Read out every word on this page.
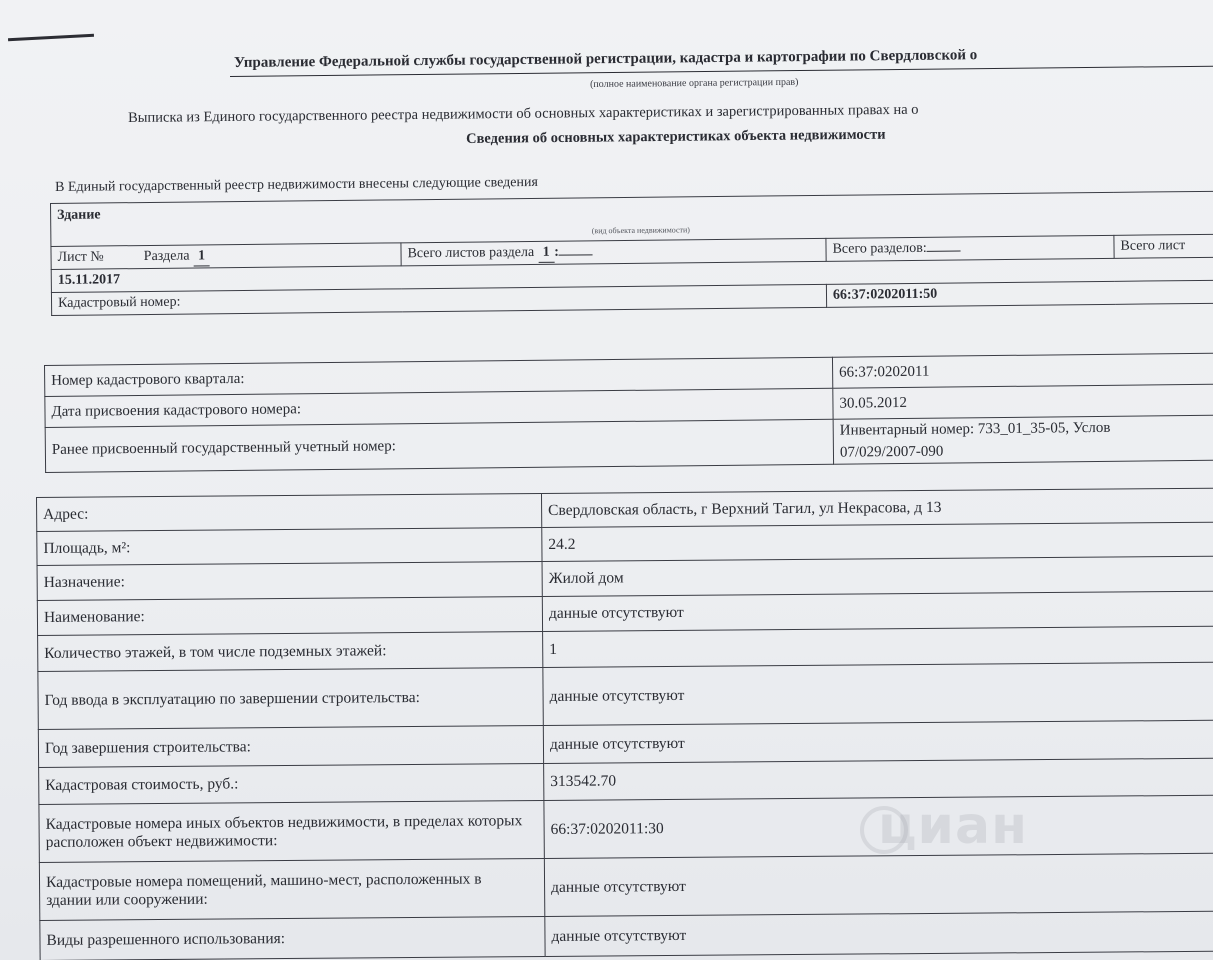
Управление Федеральной службы государственной регистрации, кадастра и картографии по Свердловской о
(полное наименование органа регистрации прав)
Выписка из Единого государственного реестра недвижимости об основных характеристиках и зарегистрированных правах на о
Сведения об основных характеристиках объекта недвижимости
В Единый государственный реестр недвижимости внесены следующие сведения
Здание			
(вид объекта недвижимости)			
Лист № Раздела 1	Всего листов раздела 1 :	Всего разделов:	Всего лист
15.11.2017			
Кадастровый номер:		66:37:0202011:50	
Номер кадастрового квартала:	66:37:0202011
Дата присвоения кадастрового номера:	30.05.2012
Ранее присвоенный государственный учетный номер:	Инвентарный номер: 733_01_35-05, Услов
07/029/2007-090
Адрес:	Свердловская область, г Верхний Тагил, ул Некрасова, д 13
Площадь, м²:	24.2
Назначение:	Жилой дом
Наименование:	данные отсутствуют
Количество этажей, в том числе подземных этажей:	1
Год ввода в эксплуатацию по завершении строительства:	данные отсутствуют
Год завершения строительства:	данные отсутствуют
Кадастровая стоимость, руб.:	313542.70
Кадастровые номера иных объектов недвижимости, в пределах которых расположен объект недвижимости:	66:37:0202011:30
Кадастровые номера помещений, машино-мест, расположенных в здании или сооружении:	данные отсутствуют
Виды разрешенного использования:	данные отсутствуют
циан
